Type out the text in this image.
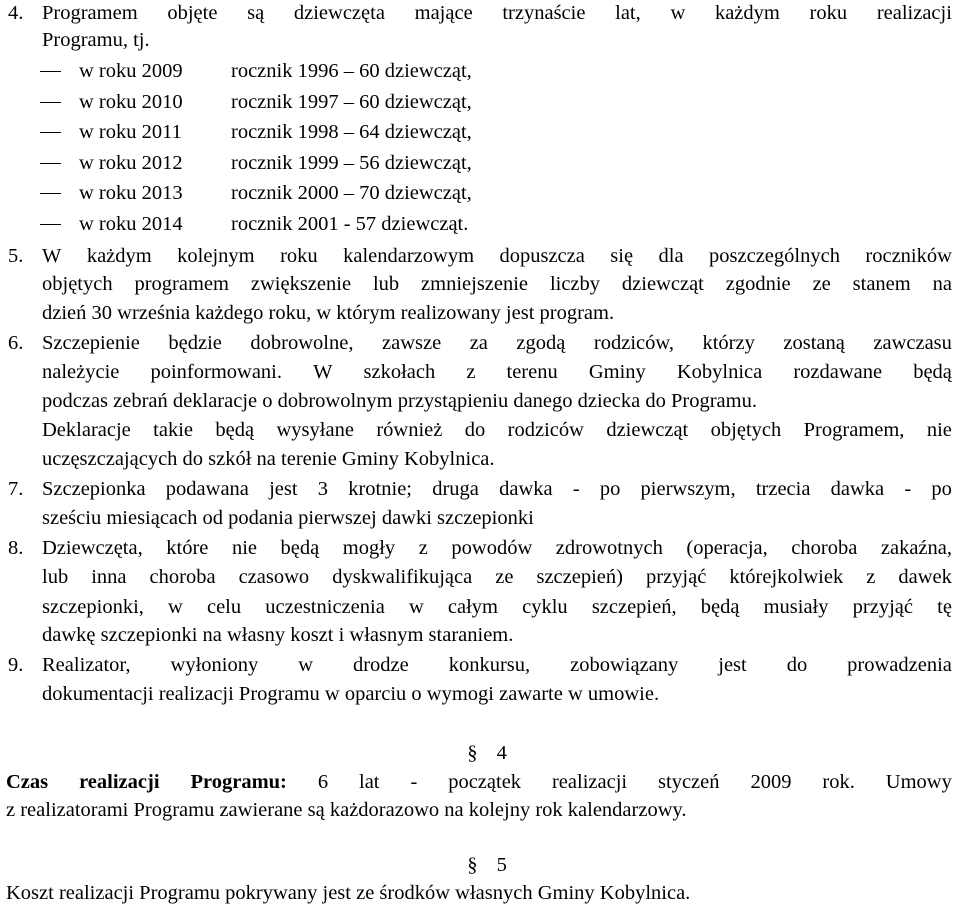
4. Programem objęte są dziewczęta mające trzynaście lat, w każdym roku realizacji
Programu, tj.
w roku 2009 rocznik 1996 – 60 dziewcząt,
w roku 2010 rocznik 1997 – 60 dziewcząt,
w roku 2011 rocznik 1998 – 64 dziewcząt,
w roku 2012 rocznik 1999 – 56 dziewcząt,
w roku 2013 rocznik 2000 – 70 dziewcząt,
w roku 2014 rocznik 2001 - 57 dziewcząt.
5. W każdym kolejnym roku kalendarzowym dopuszcza się dla poszczególnych roczników
objętych programem zwiększenie lub zmniejszenie liczby dziewcząt zgodnie ze stanem na
dzień 30 września każdego roku, w którym realizowany jest program.
6. Szczepienie będzie dobrowolne, zawsze za zgodą rodziców, którzy zostaną zawczasu
należycie poinformowani. W szkołach z terenu Gminy Kobylnica rozdawane będą
podczas zebrań deklaracje o dobrowolnym przystąpieniu danego dziecka do Programu.
Deklaracje takie będą wysyłane również do rodziców dziewcząt objętych Programem, nie
uczęszczających do szkół na terenie Gminy Kobylnica.
7. Szczepionka podawana jest 3 krotnie; druga dawka - po pierwszym, trzecia dawka - po
sześciu miesiącach od podania pierwszej dawki szczepionki
8. Dziewczęta, które nie będą mogły z powodów zdrowotnych (operacja, choroba zakaźna,
lub inna choroba czasowo dyskwalifikująca ze szczepień) przyjąć którejkolwiek z dawek
szczepionki, w celu uczestniczenia w całym cyklu szczepień, będą musiały przyjąć tę
dawkę szczepionki na własny koszt i własnym staraniem.
9. Realizator, wyłoniony w drodze konkursu, zobowiązany jest do prowadzenia
dokumentacji realizacji Programu w oparciu o wymogi zawarte w umowie.
§ 4
Czas realizacji Programu: 6 lat - początek realizacji styczeń 2009 rok. Umowy
z realizatorami Programu zawierane są każdorazowo na kolejny rok kalendarzowy.
§ 5
Koszt realizacji Programu pokrywany jest ze środków własnych Gminy Kobylnica.
